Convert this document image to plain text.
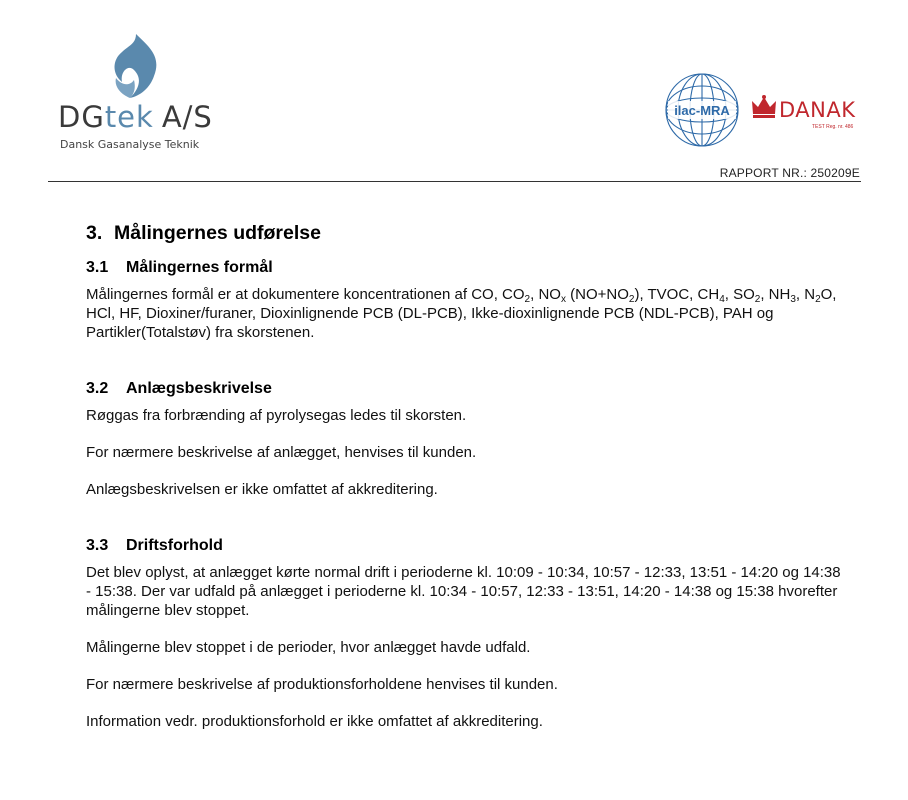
DGtek A/S
Dansk Gasanalyse Teknik
ilac-MRA DANAK
TEST Reg. nr. 486
RAPPORT NR.: 250209E
3. Målingernes udførelse
3.1 Målingernes formål

Målingernes formål er at dokumentere koncentrationen af CO, $CO_2$, $NO_x$ $(NO+NO_2)$, TVOC, $CH_4$, $SO_2$, $NH_3$, $N_2O$, HCl, HF, Dioxiner/furaner, Dioxinlignende PCB (DL-PCB), Ikke-dioxinlignende PCB (NDL-PCB), PAH og Partikler(Totalstøv) fra skorstenen.

3.2 Anlægsbeskrivelse

Røggas fra forbrænding af pyrolysegas ledes til skorsten.

For nærmere beskrivelse af anlægget, henvises til kunden.

Anlægsbeskrivelsen er ikke omfattet af akkreditering.

3.3 Driftsforhold

Det blev oplyst, at anlægget kørte normal drift i perioderne kl. 10:09 - 10:34, 10:57 - 12:33, 13:51 - 14:20 og 14:38 - 15:38. Der var udfald på anlægget i perioderne kl. 10:34 - 10:57, 12:33 - 13:51, 14:20 - 14:38 og 15:38 hvorefter målingerne blev stoppet.

Målingerne blev stoppet i de perioder, hvor anlægget havde udfald.

For nærmere beskrivelse af produktionsforholdene henvises til kunden.

Information vedr. produktionsforhold er ikke omfattet af akkreditering.
